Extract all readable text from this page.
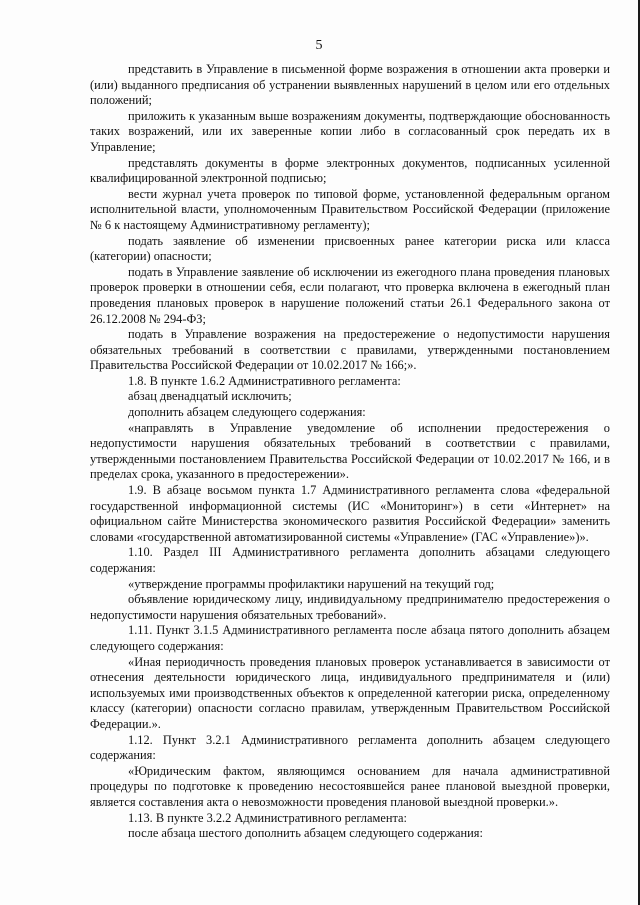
5

представить в Управление в письменной форме возражения в отношении акта проверки и (или) выданного предписания об устранении выявленных нарушений в целом или его отдельных положений;

приложить к указанным выше возражениям документы, подтверждающие обоснованность таких возражений, или их заверенные копии либо в согласованный срок передать их в Управление;

представлять документы в форме электронных документов, подписанных усиленной квалифицированной электронной подписью;

вести журнал учета проверок по типовой форме, установленной федеральным органом исполнительной власти, уполномоченным Правительством Российской Федерации (приложение № 6 к настоящему Административному регламенту);

подать заявление об изменении присвоенных ранее категории риска или класса (категории) опасности;

подать в Управление заявление об исключении из ежегодного плана проведения плановых проверок проверки в отношении себя, если полагают, что проверка включена в ежегодный план проведения плановых проверок в нарушение положений статьи 26.1 Федерального закона от 26.12.2008 № 294-ФЗ;

подать в Управление возражения на предостережение о недопустимости нарушения обязательных требований в соответствии с правилами, утвержденными постановлением Правительства Российской Федерации от 10.02.2017 № 166;».

1.8. В пункте 1.6.2 Административного регламента:

абзац двенадцатый исключить;

дополнить абзацем следующего содержания:

«направлять в Управление уведомление об исполнении предостережения о недопустимости нарушения обязательных требований в соответствии с правилами, утвержденными постановлением Правительства Российской Федерации от 10.02.2017 № 166, и в пределах срока, указанного в предостережении».

1.9. В абзаце восьмом пункта 1.7 Административного регламента слова «федеральной государственной информационной системы (ИС «Мониторинг») в сети «Интернет» на официальном сайте Министерства экономического развития Российской Федерации» заменить словами «государственной автоматизированной системы «Управление» (ГАС «Управление»)».

1.10. Раздел III Административного регламента дополнить абзацами следующего содержания:

«утверждение программы профилактики нарушений на текущий год;

объявление юридическому лицу, индивидуальному предпринимателю предостережения о недопустимости нарушения обязательных требований».

1.11. Пункт 3.1.5 Административного регламента после абзаца пятого дополнить абзацем следующего содержания:

«Иная периодичность проведения плановых проверок устанавливается в зависимости от отнесения деятельности юридического лица, индивидуального предпринимателя и (или) используемых ими производственных объектов к определенной категории риска, определенному классу (категории) опасности согласно правилам, утвержденным Правительством Российской Федерации.».

1.12. Пункт 3.2.1 Административного регламента дополнить абзацем следующего содержания:

«Юридическим фактом, являющимся основанием для начала административной процедуры по подготовке к проведению несостоявшейся ранее плановой выездной проверки, является составления акта о невозможности проведения плановой выездной проверки.».

1.13. В пункте 3.2.2 Административного регламента:

после абзаца шестого дополнить абзацем следующего содержания:
